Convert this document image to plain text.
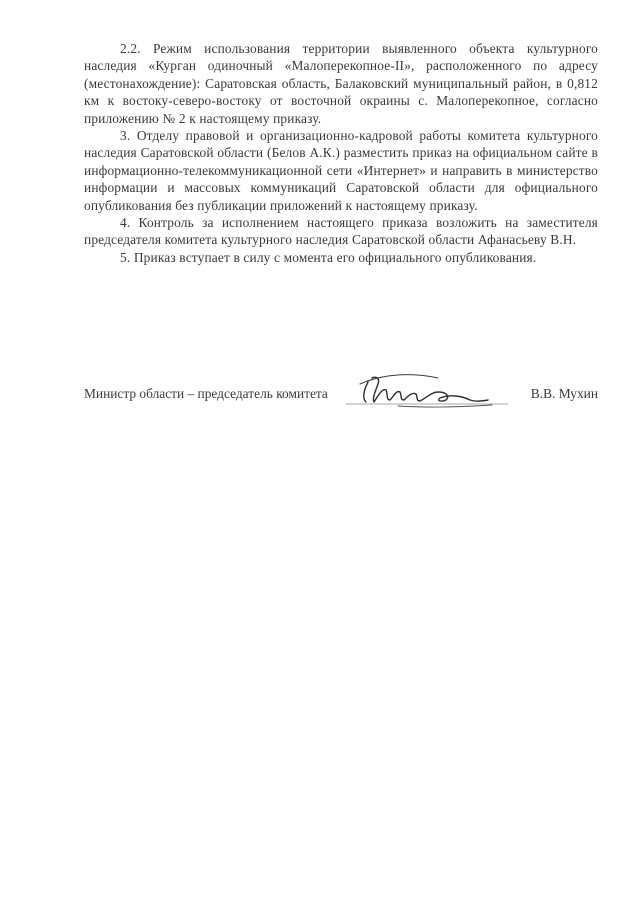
2.2. Режим использования территории выявленного объекта культурного наследия «Курган одиночный «Малоперекопное-II», расположенного по адресу (местонахождение): Саратовская область, Балаковский муниципальный район, в 0,812 км к востоку-северо-востоку от восточной окраины с. Малоперекопное, согласно приложению № 2 к настоящему приказу.

3. Отделу правовой и организационно-кадровой работы комитета культурного наследия Саратовской области (Белов А.К.) разместить приказ на официальном сайте в информационно-телекоммуникационной сети «Интернет» и направить в министерство информации и массовых коммуникаций Саратовской области для официального опубликования без публикации приложений к настоящему приказу.

4. Контроль за исполнением настоящего приказа возложить на заместителя председателя комитета культурного наследия Саратовской области Афанасьеву В.Н.

5. Приказ вступает в силу с момента его официального опубликования.

Министр области – председатель комитета	В.В. Мухин
